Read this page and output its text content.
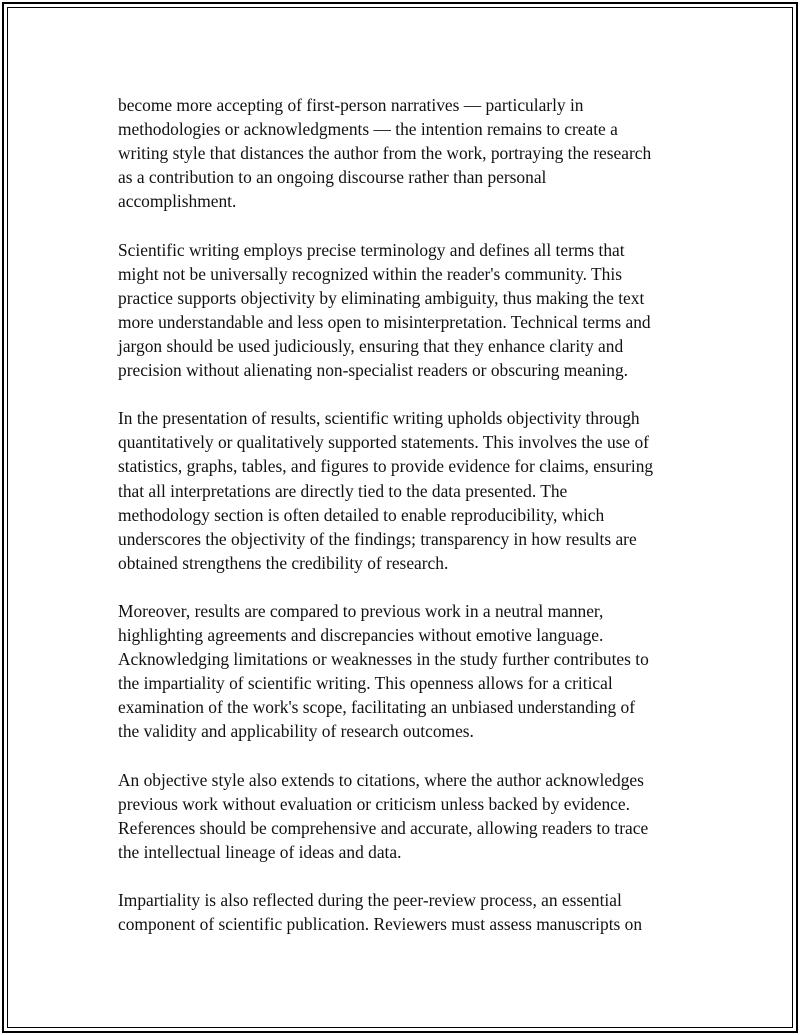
become more accepting of first-person narratives — particularly in
methodologies or acknowledgments — the intention remains to create a
writing style that distances the author from the work, portraying the research
as a contribution to an ongoing discourse rather than personal
accomplishment.

Scientific writing employs precise terminology and defines all terms that
might not be universally recognized within the reader's community. This
practice supports objectivity by eliminating ambiguity, thus making the text
more understandable and less open to misinterpretation. Technical terms and
jargon should be used judiciously, ensuring that they enhance clarity and
precision without alienating non-specialist readers or obscuring meaning.

In the presentation of results, scientific writing upholds objectivity through
quantitatively or qualitatively supported statements. This involves the use of
statistics, graphs, tables, and figures to provide evidence for claims, ensuring
that all interpretations are directly tied to the data presented. The
methodology section is often detailed to enable reproducibility, which
underscores the objectivity of the findings; transparency in how results are
obtained strengthens the credibility of research.

Moreover, results are compared to previous work in a neutral manner,
highlighting agreements and discrepancies without emotive language.
Acknowledging limitations or weaknesses in the study further contributes to
the impartiality of scientific writing. This openness allows for a critical
examination of the work's scope, facilitating an unbiased understanding of
the validity and applicability of research outcomes.

An objective style also extends to citations, where the author acknowledges
previous work without evaluation or criticism unless backed by evidence.
References should be comprehensive and accurate, allowing readers to trace
the intellectual lineage of ideas and data.

Impartiality is also reflected during the peer-review process, an essential
component of scientific publication. Reviewers must assess manuscripts on
